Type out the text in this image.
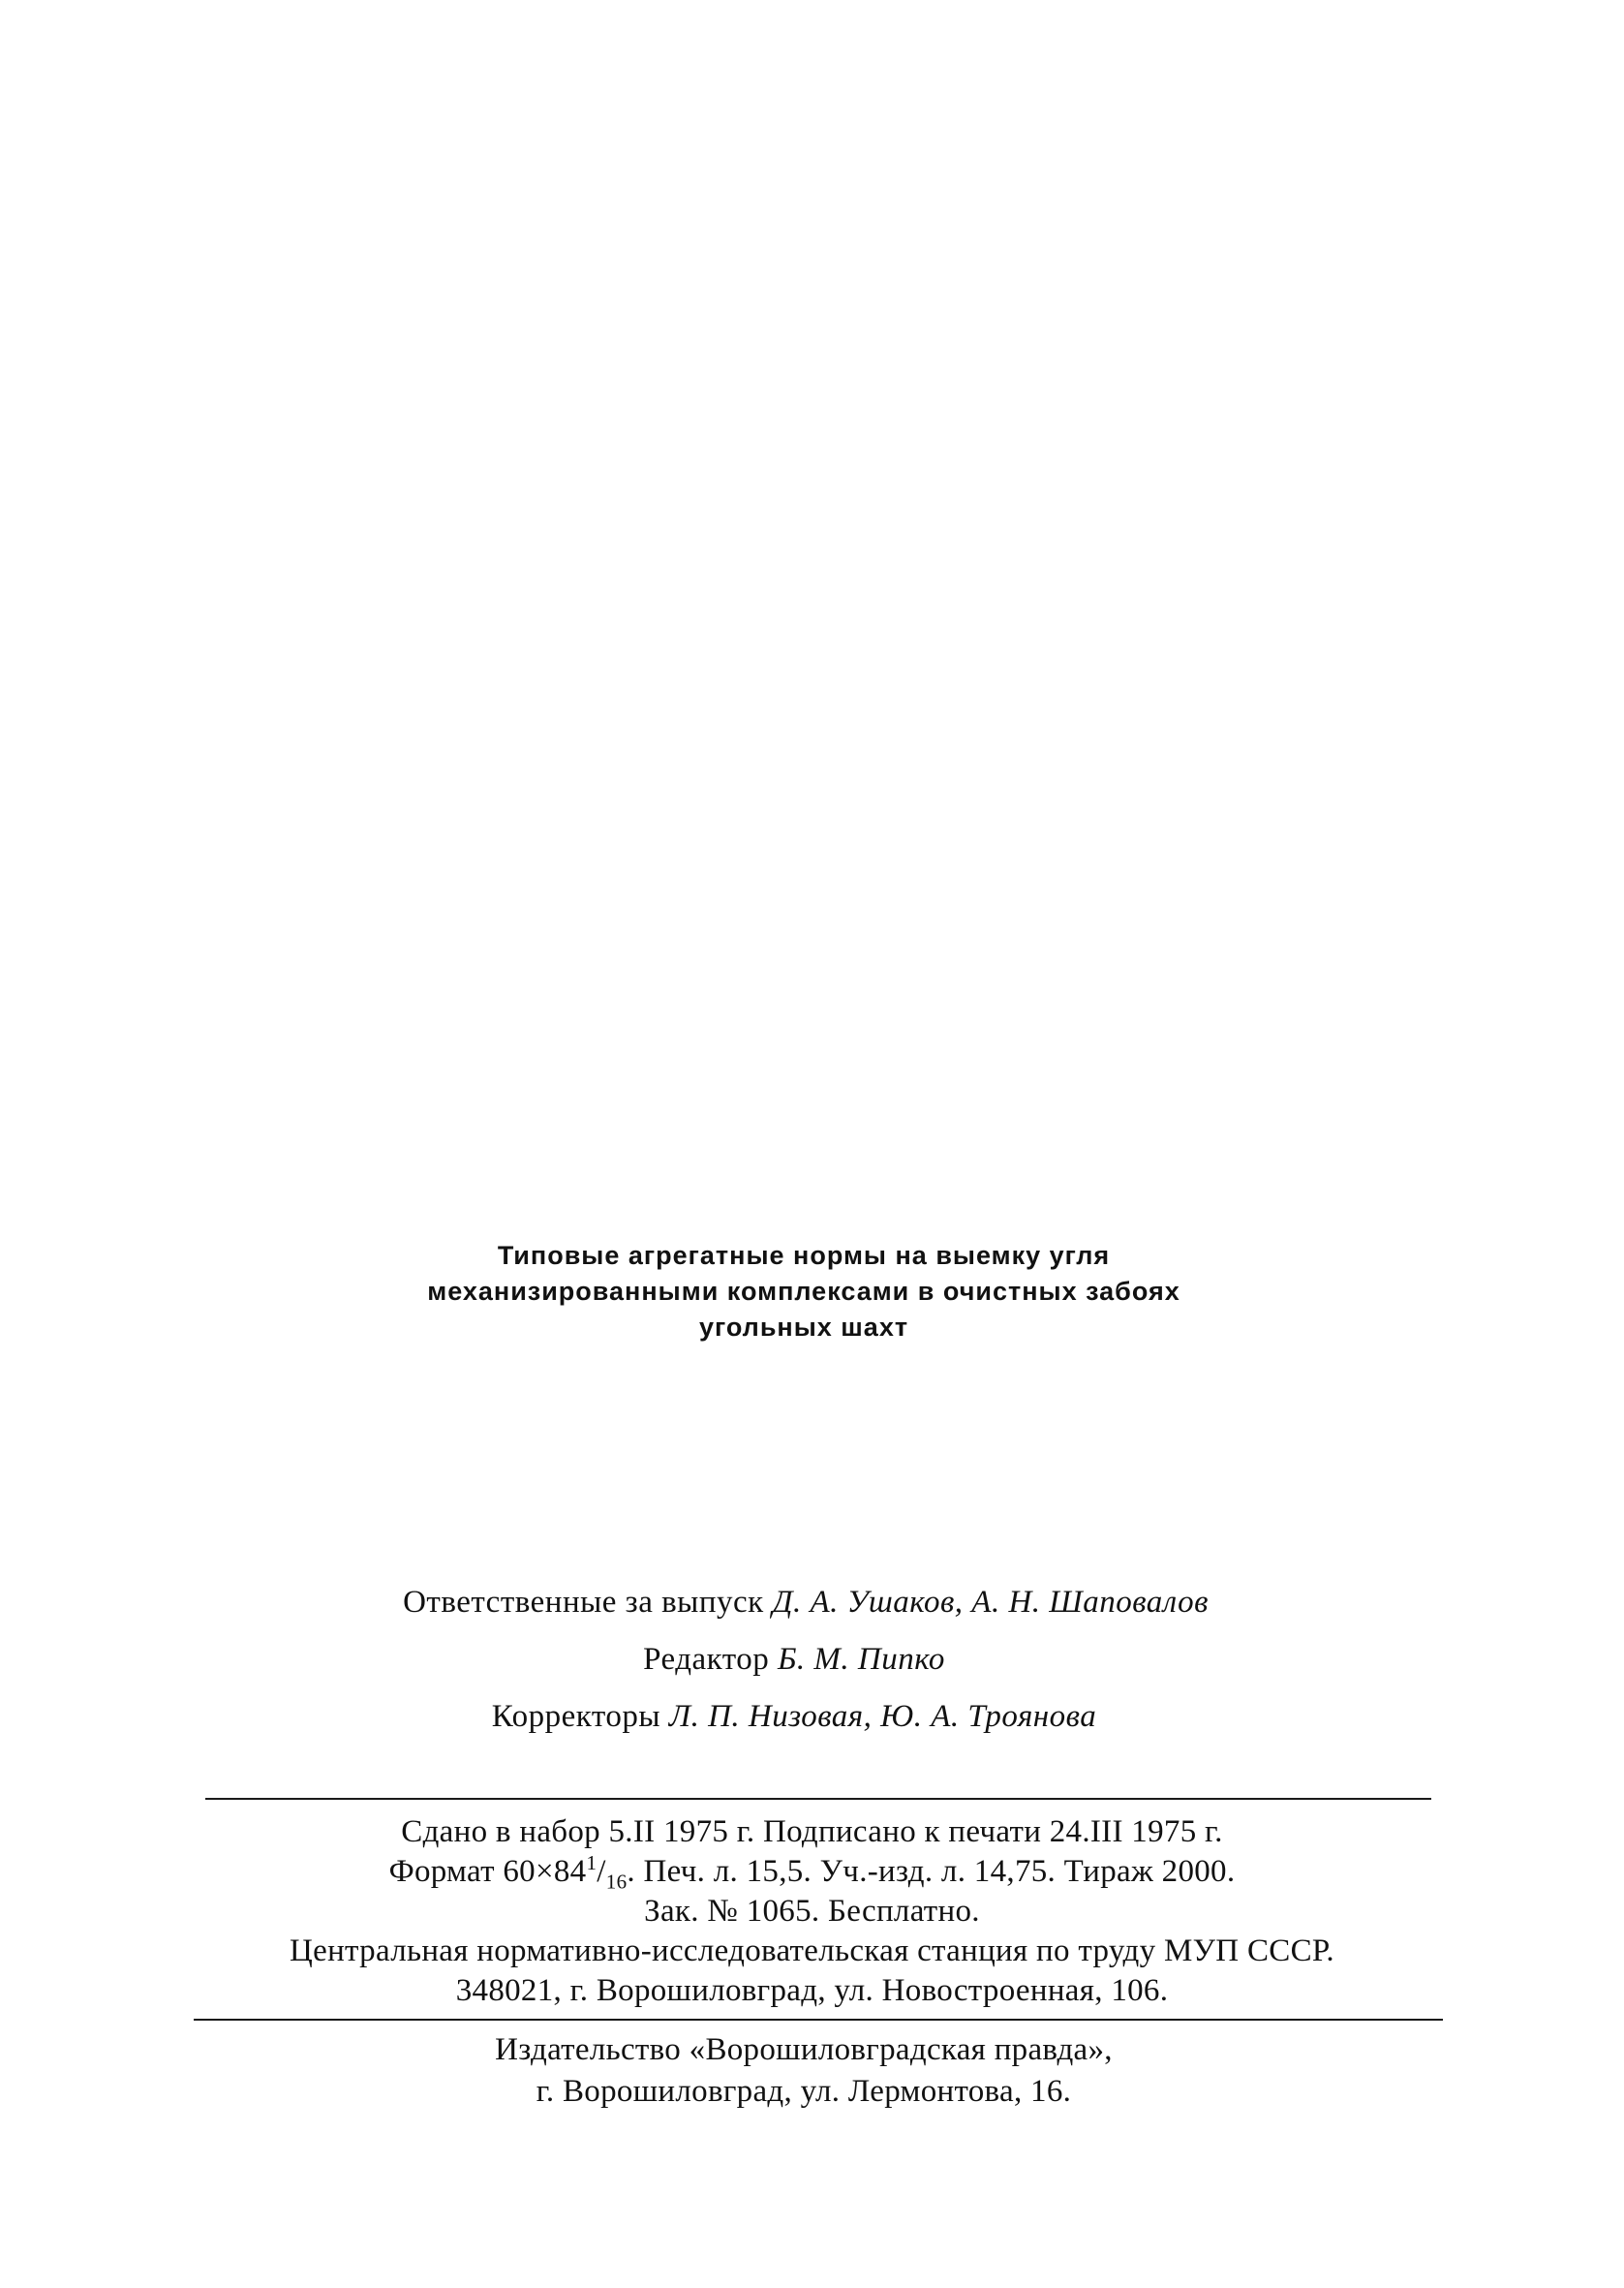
Типовые агрегатные нормы на выемку угля
механизированными комплексами в очистных забоях
угольных шахт
Ответственные за выпуск Д. А. Ушаков, А. Н. Шаповалов
Редактор Б. М. Пипко
Корректоры Л. П. Низовая, Ю. А. Троянова
Сдано в набор 5.II 1975 г. Подписано к печати 24.III 1975 г.
Формат $60\times 84^1/_{16}$. Печ. л. 15,5. Уч.-изд. л. 14,75. Тираж 2000.
Зак. № 1065. Бесплатно.
Центральная нормативно-исследовательская станция по труду МУП СССР.
348021, г. Ворошиловград, ул. Новостроенная, 106.
Издательство «Ворошиловградская правда»,
г. Ворошиловград, ул. Лермонтова, 16.
